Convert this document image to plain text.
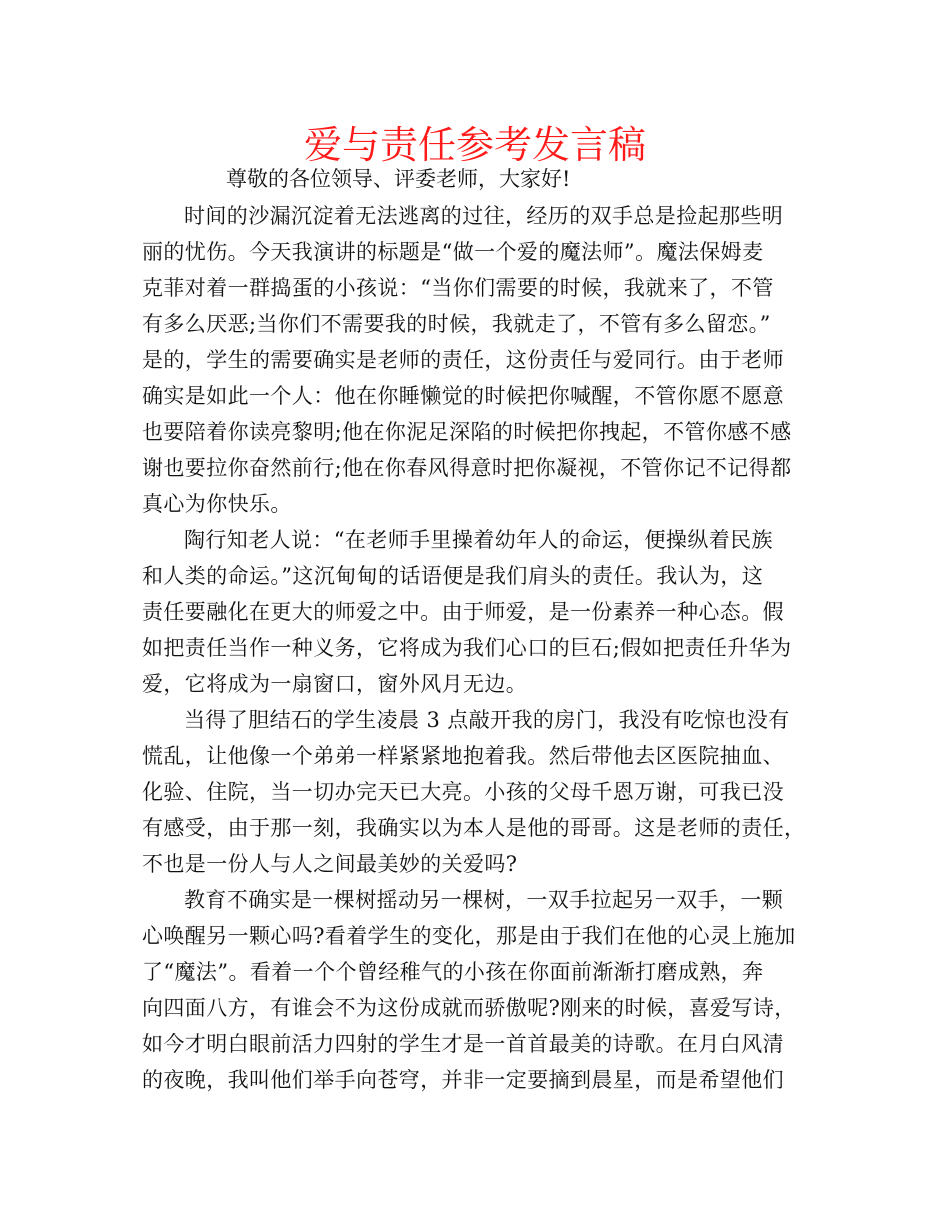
爱与责任参考发言稿

尊敬的各位领导、评委老师，大家好!

时间的沙漏沉淀着无法逃离的过往，经历的双手总是捡起那些明
丽的忧伤。今天我演讲的标题是“做一个爱的魔法师”。魔法保姆麦
克菲对着一群捣蛋的小孩说：“当你们需要的时候，我就来了，不管
有多么厌恶;当你们不需要我的时候，我就走了，不管有多么留恋。”
是的，学生的需要确实是老师的责任，这份责任与爱同行。由于老师
确实是如此一个人：他在你睡懒觉的时候把你喊醒，不管你愿不愿意
也要陪着你读亮黎明;他在你泥足深陷的时候把你拽起，不管你感不感
谢也要拉你奋然前行;他在你春风得意时把你凝视，不管你记不记得都
真心为你快乐。
陶行知老人说：“在老师手里操着幼年人的命运，便操纵着民族
和人类的命运。”这沉甸甸的话语便是我们肩头的责任。我认为，这
责任要融化在更大的师爱之中。由于师爱，是一份素养一种心态。假
如把责任当作一种义务，它将成为我们心口的巨石;假如把责任升华为
爱，它将成为一扇窗口，窗外风月无边。
当得了胆结石的学生凌晨 3 点敲开我的房门，我没有吃惊也没有
慌乱，让他像一个弟弟一样紧紧地抱着我。然后带他去区医院抽血、
化验、住院，当一切办完天已大亮。小孩的父母千恩万谢，可我已没
有感受，由于那一刻，我确实以为本人是他的哥哥。这是老师的责任，
不也是一份人与人之间最美妙的关爱吗?
教育不确实是一棵树摇动另一棵树，一双手拉起另一双手，一颗
心唤醒另一颗心吗?看着学生的变化，那是由于我们在他的心灵上施加
了“魔法”。看着一个个曾经稚气的小孩在你面前渐渐打磨成熟，奔
向四面八方，有谁会不为这份成就而骄傲呢?刚来的时候，喜爱写诗，
如今才明白眼前活力四射的学生才是一首首最美的诗歌。在月白风清
的夜晚，我叫他们举手向苍穹，并非一定要摘到晨星，而是希望他们
